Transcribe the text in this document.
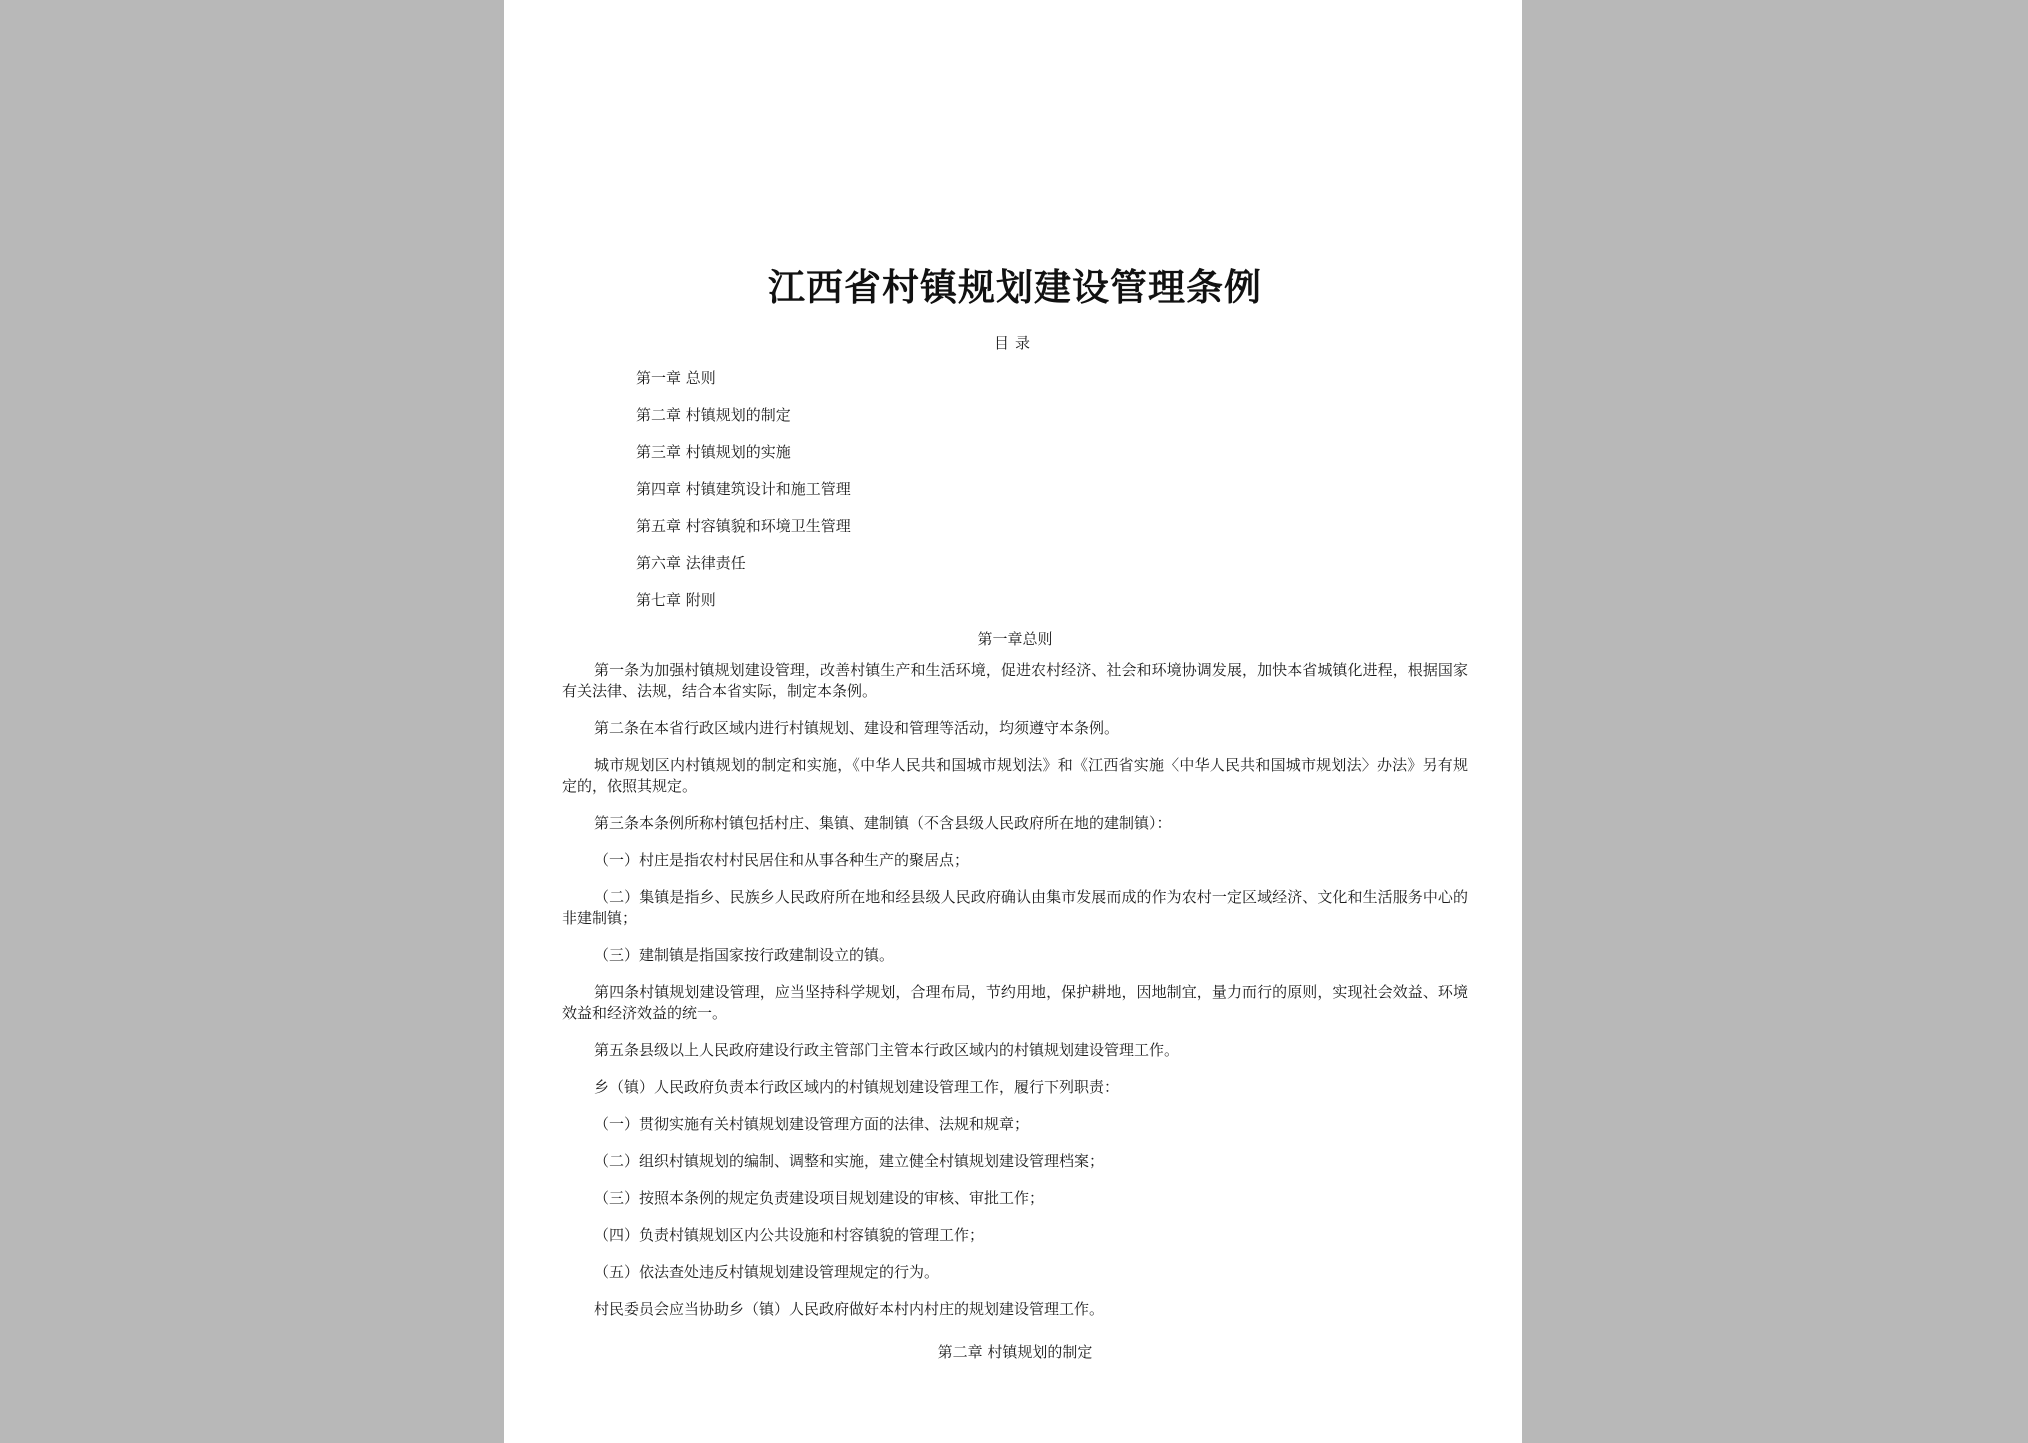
江西省村镇规划建设管理条例
目录
第一章 总则
第二章 村镇规划的制定
第三章 村镇规划的实施
第四章 村镇建筑设计和施工管理
第五章 村容镇貌和环境卫生管理
第六章 法律责任
第七章 附则
第一章总则

第一条为加强村镇规划建设管理，改善村镇生产和生活环境，促进农村经济、社会和环境协调发展，加快本省城镇化进程，根据国家有关法律、法规，结合本省实际，制定本条例。

第二条在本省行政区域内进行村镇规划、建设和管理等活动，均须遵守本条例。

城市规划区内村镇规划的制定和实施，《中华人民共和国城市规划法》和《江西省实施〈中华人民共和国城市规划法〉办法》另有规定的，依照其规定。

第三条本条例所称村镇包括村庄、集镇、建制镇（不含县级人民政府所在地的建制镇）：

（一）村庄是指农村村民居住和从事各种生产的聚居点；

（二）集镇是指乡、民族乡人民政府所在地和经县级人民政府确认由集市发展而成的作为农村一定区域经济、文化和生活服务中心的非建制镇；

（三）建制镇是指国家按行政建制设立的镇。

第四条村镇规划建设管理，应当坚持科学规划，合理布局，节约用地，保护耕地，因地制宜，量力而行的原则，实现社会效益、环境效益和经济效益的统一。

第五条县级以上人民政府建设行政主管部门主管本行政区域内的村镇规划建设管理工作。

乡（镇）人民政府负责本行政区域内的村镇规划建设管理工作，履行下列职责：

（一）贯彻实施有关村镇规划建设管理方面的法律、法规和规章；

（二）组织村镇规划的编制、调整和实施，建立健全村镇规划建设管理档案；

（三）按照本条例的规定负责建设项目规划建设的审核、审批工作；

（四）负责村镇规划区内公共设施和村容镇貌的管理工作；

（五）依法查处违反村镇规划建设管理规定的行为。

村民委员会应当协助乡（镇）人民政府做好本村内村庄的规划建设管理工作。

第二章 村镇规划的制定
